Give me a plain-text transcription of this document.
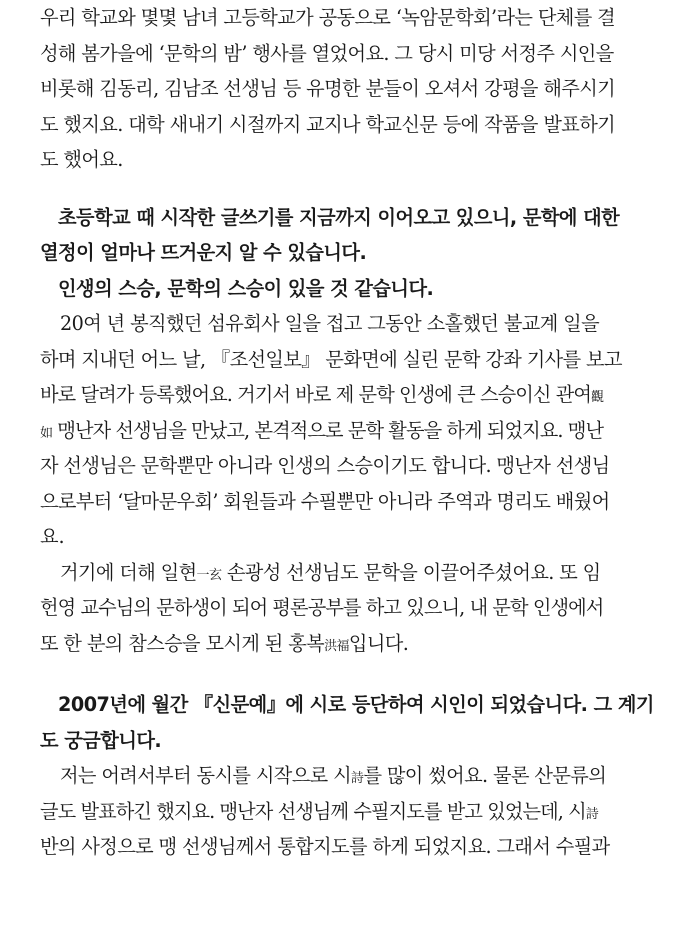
우리 학교와 몇몇 남녀 고등학교가 공동으로 ‘녹암문학회’라는 단체를 결
성해 봄가을에 ‘문학의 밤’ 행사를 열었어요. 그 당시 미당 서정주 시인을
비롯해 김동리, 김남조 선생님 등 유명한 분들이 오셔서 강평을 해주시기
도 했지요. 대학 새내기 시절까지 교지나 학교신문 등에 작품을 발표하기
도 했어요.
초등학교 때 시작한 글쓰기를 지금까지 이어오고 있으니, 문학에 대한
열정이 얼마나 뜨거운지 알 수 있습니다.
인생의 스승, 문학의 스승이 있을 것 같습니다.
20여 년 봉직했던 섬유회사 일을 접고 그동안 소홀했던 불교계 일을
하며 지내던 어느 날, 『조선일보』 문화면에 실린 문학 강좌 기사를 보고
바로 달려가 등록했어요. 거기서 바로 제 문학 인생에 큰 스승이신 관여觀
如 맹난자 선생님을 만났고, 본격적으로 문학 활동을 하게 되었지요. 맹난
자 선생님은 문학뿐만 아니라 인생의 스승이기도 합니다. 맹난자 선생님
으로부터 ‘달마문우회’ 회원들과 수필뿐만 아니라 주역과 명리도 배웠어
요.
거기에 더해 일현一玄 손광성 선생님도 문학을 이끌어주셨어요. 또 임
헌영 교수님의 문하생이 되어 평론공부를 하고 있으니, 내 문학 인생에서
또 한 분의 참스승을 모시게 된 홍복洪福입니다.
2007년에 월간 『신문예』에 시로 등단하여 시인이 되었습니다. 그 계기
도 궁금합니다.
저는 어려서부터 동시를 시작으로 시詩를 많이 썼어요. 물론 산문류의
글도 발표하긴 했지요. 맹난자 선생님께 수필지도를 받고 있었는데, 시詩
반의 사정으로 맹 선생님께서 통합지도를 하게 되었지요. 그래서 수필과
